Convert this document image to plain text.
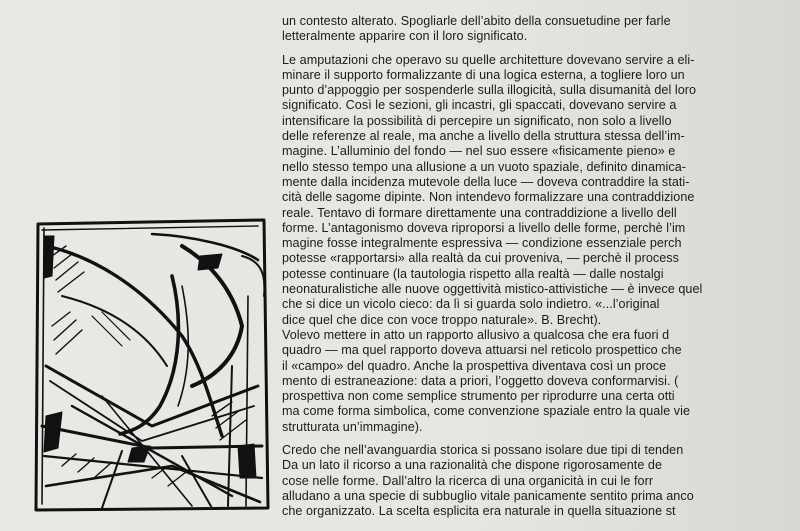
un contesto alterato. Spogliarle dell’abito della consuetudine per farle
letteralmente apparire con il loro significato.

Le amputazioni che operavo su quelle architetture dovevano servire a eli-
minare il supporto formalizzante di una logica esterna, a togliere loro un
punto d’appoggio per sospenderle sulla illogicità, sulla disumanità del loro
significato. Così le sezioni, gli incastri, gli spaccati, dovevano servire a
intensificare la possibilità di percepire un significato, non solo a livello
delle referenze al reale, ma anche a livello della struttura stessa dell’im-
magine. L’alluminio del fondo — nel suo essere «fisicamente pieno» e
nello stesso tempo una allusione a un vuoto spaziale, definito dinamica-
mente dalla incidenza mutevole della luce — doveva contraddire la stati-
cità delle sagome dipinte. Non intendevo formalizzare una contraddizione
reale. Tentavo di formare direttamente una contraddizione a livello dell
forme. L’antagonismo doveva riproporsi a livello delle forme, perchè l’im
magine fosse integralmente espressiva — condizione essenziale perch
potesse «rapportarsi» alla realtà da cui proveniva, — perchè il process
potesse continuare (la tautologia rispetto alla realtà — dalle nostalgi
neonaturalistiche alle nuove oggettività mistico-attivistiche — è invece quel
che si dice un vicolo cieco: da lì si guarda solo indietro. «...l’original
dice quel che dice con voce troppo naturale». B. Brecht).

Volevo mettere in atto un rapporto allusivo a qualcosa che era fuori d
quadro — ma quel rapporto doveva attuarsi nel reticolo prospettico che
il «campo» del quadro. Anche la prospettiva diventava così un proce
mento di estraneazione: data a priori, l’oggetto doveva conformarvisi. (
prospettiva non come semplice strumento per riprodurre una certa otti
ma come forma simbolica, come convenzione spaziale entro la quale vie
strutturata un’immagine).

Credo che nell’avanguardia storica si possano isolare due tipi di tenden
Da un lato il ricorso a una razionalità che dispone rigorosamente de
cose nelle forme. Dall’altro la ricerca di una organicità in cui le forr
alludano a una specie di subbuglio vitale panicamente sentito prima anco
che organizzato. La scelta esplicita era naturale in quella situazione st
